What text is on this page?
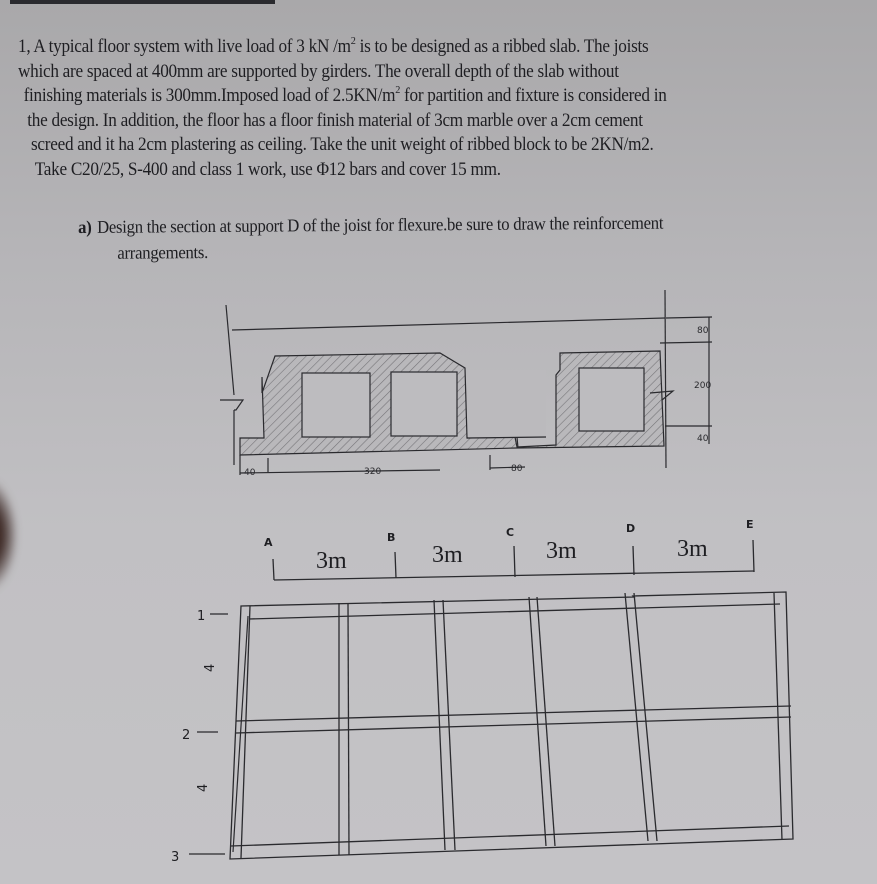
1, A typical floor system with live load of 3 kN $/m^2$ is to be designed as a ribbed slab. The joists
which are spaced at 400mm are supported by girders. The overall depth of the slab without
finishing materials is 300mm.Imposed load of $2.5KN/m^2$ for partition and fixture is considered in
the design. In addition, the floor has a floor finish material of 3cm marble over a 2cm cement
screed and it ha 2cm plastering as ceiling. Take the unit weight of ribbed block to be 2KN/m2.
Take C20/25, S-400 and class 1 work, use Φ12 bars and cover 15 mm.
a) Design the section at support D of the joist for flexure.be sure to draw the reinforcement
arrangements.
80
200
40
40	320	80
A	B	C	D	E
3m	3m	3m	3m
1
2
3
4
4
